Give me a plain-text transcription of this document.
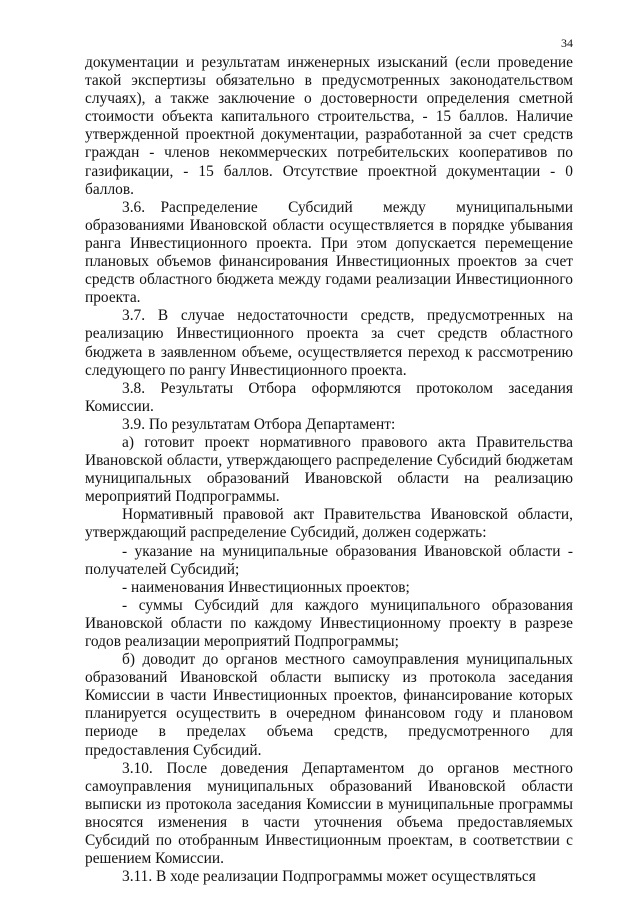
34

документации и результатам инженерных изысканий (если проведение такой экспертизы обязательно в предусмотренных законодательством случаях), а также заключение о достоверности определения сметной стоимости объекта капитального строительства, - 15 баллов. Наличие утвержденной проектной документации, разработанной за счет средств граждан - членов некоммерческих потребительских кооперативов по газификации, - 15 баллов. Отсутствие проектной документации - 0 баллов.

3.6. Распределение Субсидий между муниципальными образованиями Ивановской области осуществляется в порядке убывания ранга Инвестиционного проекта. При этом допускается перемещение плановых объемов финансирования Инвестиционных проектов за счет средств областного бюджета между годами реализации Инвестиционного проекта.

3.7. В случае недостаточности средств, предусмотренных на реализацию Инвестиционного проекта за счет средств областного бюджета в заявленном объеме, осуществляется переход к рассмотрению следующего по рангу Инвестиционного проекта.

3.8. Результаты Отбора оформляются протоколом заседания Комиссии.

3.9. По результатам Отбора Департамент:

а) готовит проект нормативного правового акта Правительства Ивановской области, утверждающего распределение Субсидий бюджетам муниципальных образований Ивановской области на реализацию мероприятий Подпрограммы.

Нормативный правовой акт Правительства Ивановской области, утверждающий распределение Субсидий, должен содержать:

- указание на муниципальные образования Ивановской области - получателей Субсидий;

- наименования Инвестиционных проектов;

- суммы Субсидий для каждого муниципального образования Ивановской области по каждому Инвестиционному проекту в разрезе годов реализации мероприятий Подпрограммы;

б) доводит до органов местного самоуправления муниципальных образований Ивановской области выписку из протокола заседания Комиссии в части Инвестиционных проектов, финансирование которых планируется осуществить в очередном финансовом году и плановом периоде в пределах объема средств, предусмотренного для предоставления Субсидий.

3.10. После доведения Департаментом до органов местного самоуправления муниципальных образований Ивановской области выписки из протокола заседания Комиссии в муниципальные программы вносятся изменения в части уточнения объема предоставляемых Субсидий по отобранным Инвестиционным проектам, в соответствии с решением Комиссии.

3.11. В ходе реализации Подпрограммы может осуществляться
